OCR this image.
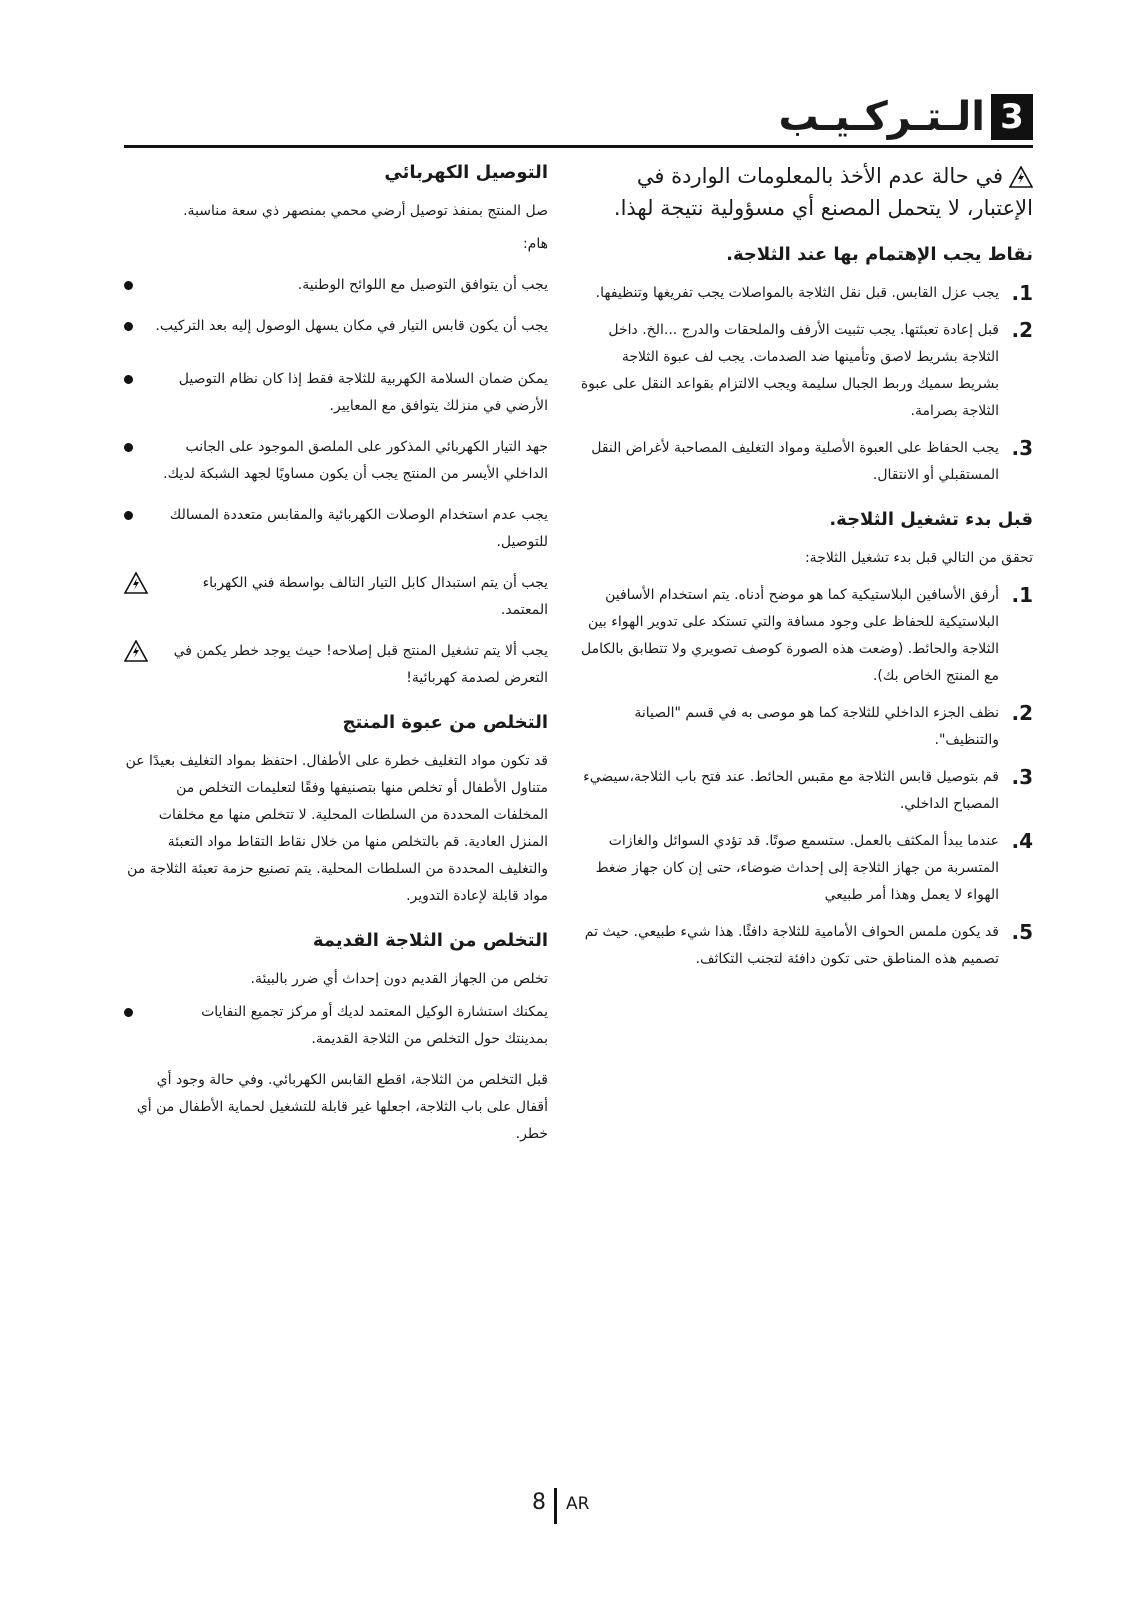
الـتـركـيـب 3
في حالة عدم الأخذ بالمعلومات الواردة في الإعتبار، لا يتحمل المصنع أي مسؤولية نتيجة لهذا.
نقاط يجب الإهتمام بها عند الثلاجة.
1.
يجب عزل القابس. قبل نقل الثلاجة بالمواصلات يجب تفريغها وتنظيفها.
2.
قبل إعادة تعبئتها. يجب تثبيت الأرفف والملحقات والدرج ...الخ. داخل الثلاجة بشريط لاصق وتأمينها ضد الصدمات. يجب لف عبوة الثلاجة بشريط سميك وربط الجبال سليمة ويجب الالتزام بقواعد النقل على عبوة الثلاجة بصرامة.
3.
يجب الحفاظ على العبوة الأصلية ومواد التغليف المصاحبة لأغراض النقل المستقبلي أو الانتقال.
قبل بدء تشغيل الثلاجة.
تحقق من التالي قبل بدء تشغيل الثلاجة:
1.
أرفق الأسافين البلاستيكية كما هو موضح أدناه. يتم استخدام الأسافين البلاستيكية للحفاظ على وجود مسافة والتي تستكد على تدوير الهواء بين الثلاجة والحائط. (وضعت هذه الصورة كوصف تصويري ولا تتطابق بالكامل مع المنتج الخاص بك).
2.
نظف الجزء الداخلي للثلاجة كما هو موصى به في قسم "الصيانة والتنظيف".
3.
قم بتوصيل قابس الثلاجة مع مقبس الحائط. عند فتح باب الثلاجة،سيضيء المصباح الداخلي.
4.
عندما يبدأ المكثف بالعمل. ستسمع صوتًا. قد تؤدي السوائل والغازات المتسربة من جهاز الثلاجة إلى إحداث ضوضاء، حتى إن كان جهاز ضغط الهواء لا يعمل وهذا أمر طبيعي
5.
قد يكون ملمس الحواف الأمامية للثلاجة دافئًا. هذا شيء طبيعي. حيث تم تصميم هذه المناطق حتى تكون دافئة لتجنب التكاثف.
التوصيل الكهربائي
صل المنتج بمنفذ توصيل أرضي محمي بمنصهر ذي سعة مناسبة.
هام:
يجب أن يتوافق التوصيل مع اللوائح الوطنية.
يجب أن يكون قابس التيار في مكان يسهل الوصول إليه بعد التركيب.
يمكن ضمان السلامة الكهربية للثلاجة فقط إذا كان نظام التوصيل الأرضي في منزلك يتوافق مع المعايير.
جهد التيار الكهربائي المذكور على الملصق الموجود على الجانب الداخلي الأيسر من المنتج يجب أن يكون مساويًا لجهد الشبكة لديك.
يجب عدم استخدام الوصلات الكهربائية والمقابس متعددة المسالك للتوصيل.
يجب أن يتم استبدال كابل التيار التالف بواسطة فني الكهرباء المعتمد.
يجب ألا يتم تشغيل المنتج قبل إصلاحه! حيث يوجد خطر يكمن في التعرض لصدمة كهربائية!
التخلص من عبوة المنتج
قد تكون مواد التغليف خطرة على الأطفال. احتفظ بمواد التغليف بعيدًا عن متناول الأطفال أو تخلص منها بتصنيفها وفقًا لتعليمات التخلص من المخلفات المحددة من السلطات المحلية. لا تتخلص منها مع مخلفات المنزل العادية. قم بالتخلص منها من خلال نقاط التقاط مواد التعبئة والتغليف المحددة من السلطات المحلية. يتم تصنيع حزمة تعبئة الثلاجة من مواد قابلة لإعادة التدوير.
التخلص من الثلاجة القديمة
تخلص من الجهاز القديم دون إحداث أي ضرر بالبيئة.
يمكنك استشارة الوكيل المعتمد لديك أو مركز تجميع النفايات بمدينتك حول التخلص من الثلاجة القديمة.
قبل التخلص من الثلاجة، اقطع القابس الكهربائي. وفي حالة وجود أي أقفال على باب الثلاجة، اجعلها غير قابلة للتشغيل لحماية الأطفال من أي خطر.
8 AR
